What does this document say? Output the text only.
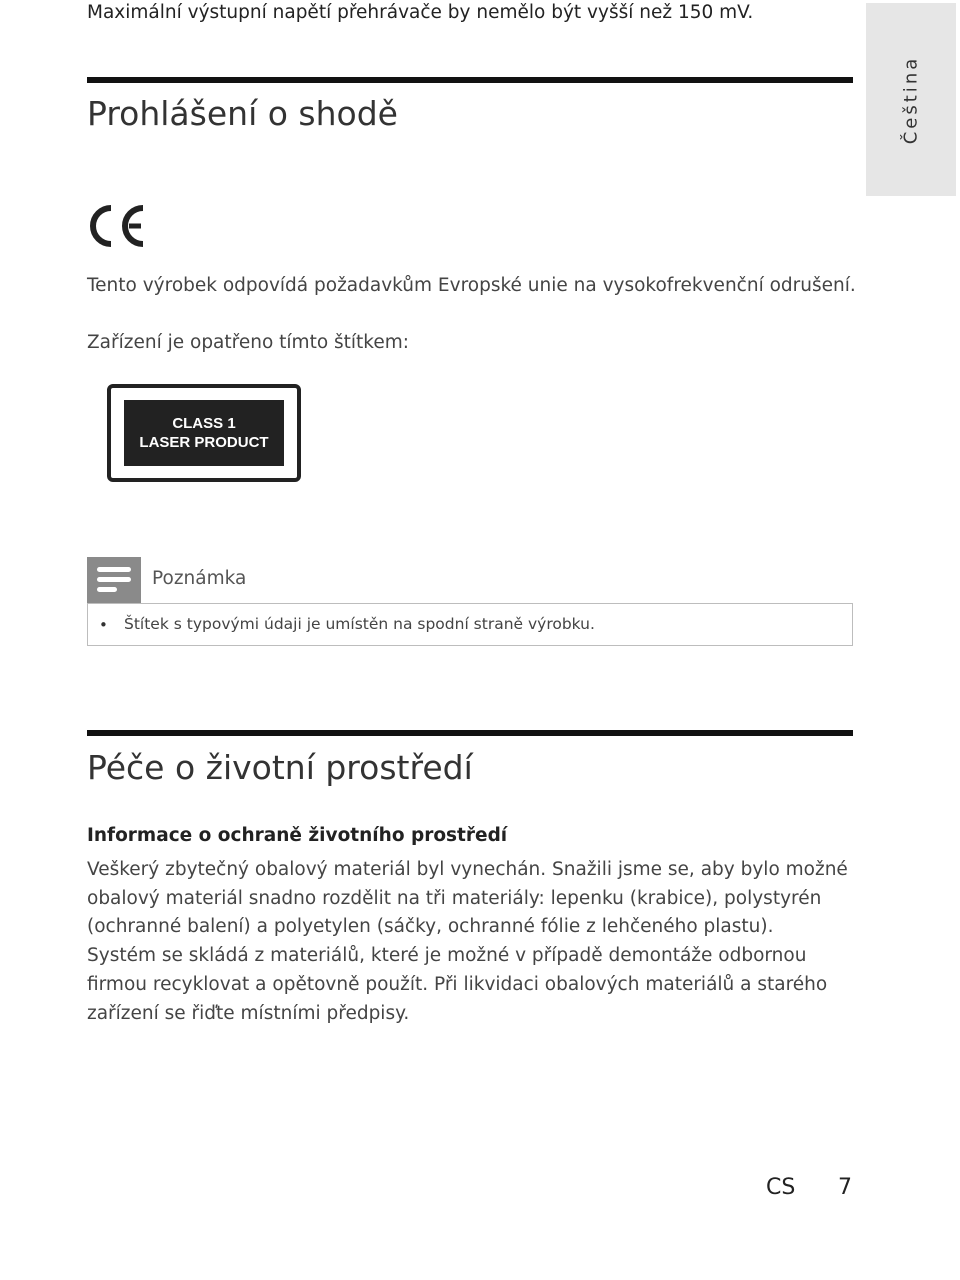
Maximální výstupní napětí přehrávače by nemělo být vyšší než 150 mV.
Čeština
Prohlášení o shodě
Tento výrobek odpovídá požadavkům Evropské unie na vysokofrekvenční odrušení.
Zařízení je opatřeno tímto štítkem:
CLASS 1
LASER PRODUCT
Poznámka
• Štítek s typovými údaji je umístěn na spodní straně výrobku.
Péče o životní prostředí
Informace o ochraně životního prostředí

Veškerý zbytečný obalový materiál byl vynechán. Snažili jsme se, aby bylo možné
obalový materiál snadno rozdělit na tři materiály: lepenku (krabice), polystyrén
(ochranné balení) a polyetylen (sáčky, ochranné fólie z lehčeného plastu).
Systém se skládá z materiálů, které je možné v případě demontáže odbornou
firmou recyklovat a opětovně použít. Při likvidaci obalových materiálů a starého
zařízení se řiďte místními předpisy.

CS 7
